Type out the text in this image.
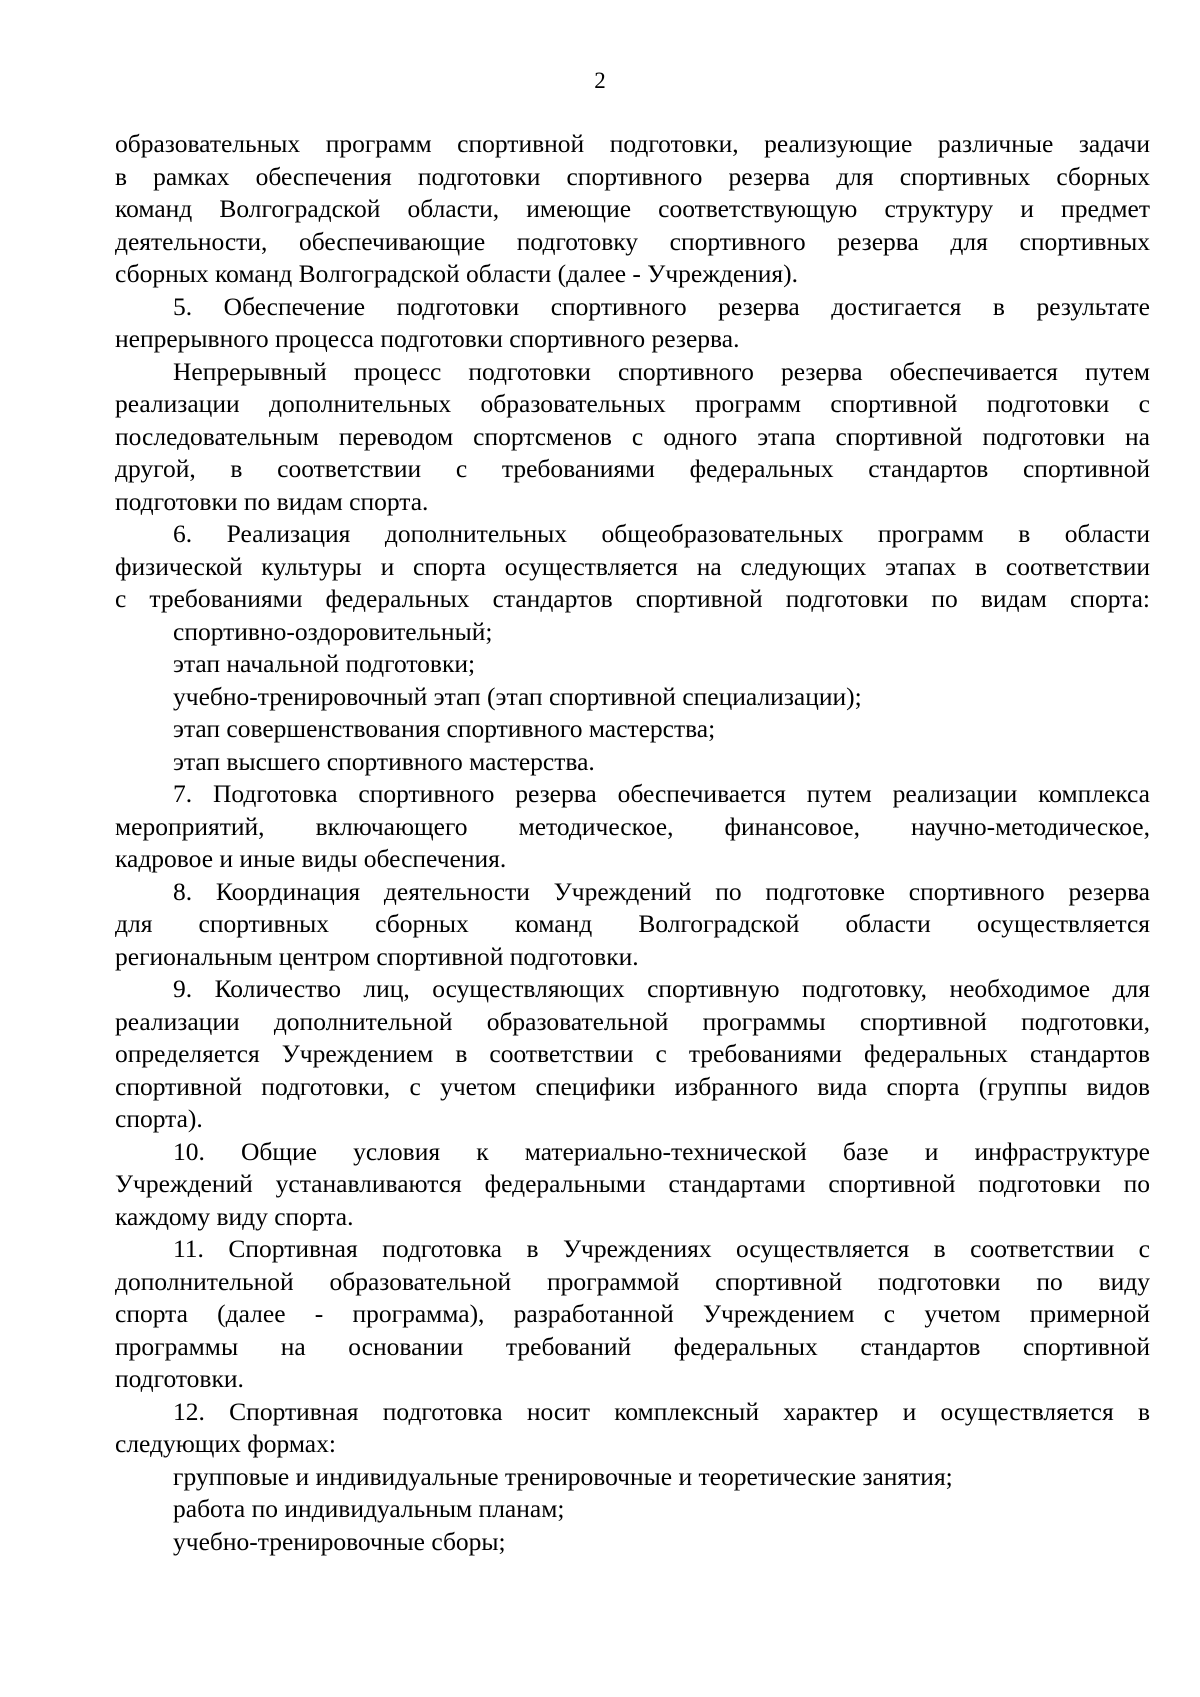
2
образовательных программ спортивной подготовки, реализующие различные задачи
в рамках обеспечения подготовки спортивного резерва для спортивных сборных
команд Волгоградской области, имеющие соответствующую структуру и предмет
деятельности, обеспечивающие подготовку спортивного резерва для спортивных
сборных команд Волгоградской области (далее - Учреждения).
5. Обеспечение подготовки спортивного резерва достигается в результате
непрерывного процесса подготовки спортивного резерва.
Непрерывный процесс подготовки спортивного резерва обеспечивается путем
реализации дополнительных образовательных программ спортивной подготовки с
последовательным переводом спортсменов с одного этапа спортивной подготовки на
другой, в соответствии с требованиями федеральных стандартов спортивной
подготовки по видам спорта.
6. Реализация дополнительных общеобразовательных программ в области
физической культуры и спорта осуществляется на следующих этапах в соответствии
с требованиями федеральных стандартов спортивной подготовки по видам спорта:
спортивно-оздоровительный;
этап начальной подготовки;
учебно-тренировочный этап (этап спортивной специализации);
этап совершенствования спортивного мастерства;
этап высшего спортивного мастерства.
7. Подготовка спортивного резерва обеспечивается путем реализации комплекса
мероприятий, включающего методическое, финансовое, научно-методическое,
кадровое и иные виды обеспечения.
8. Координация деятельности Учреждений по подготовке спортивного резерва
для спортивных сборных команд Волгоградской области осуществляется
региональным центром спортивной подготовки.
9. Количество лиц, осуществляющих спортивную подготовку, необходимое для
реализации дополнительной образовательной программы спортивной подготовки,
определяется Учреждением в соответствии с требованиями федеральных стандартов
спортивной подготовки, с учетом специфики избранного вида спорта (группы видов
спорта).
10. Общие условия к материально-технической базе и инфраструктуре
Учреждений устанавливаются федеральными стандартами спортивной подготовки по
каждому виду спорта.
11. Спортивная подготовка в Учреждениях осуществляется в соответствии с
дополнительной образовательной программой спортивной подготовки по виду
спорта (далее - программа), разработанной Учреждением с учетом примерной
программы на основании требований федеральных стандартов спортивной
подготовки.
12. Спортивная подготовка носит комплексный характер и осуществляется в
следующих формах:
групповые и индивидуальные тренировочные и теоретические занятия;
работа по индивидуальным планам;
учебно-тренировочные сборы;
